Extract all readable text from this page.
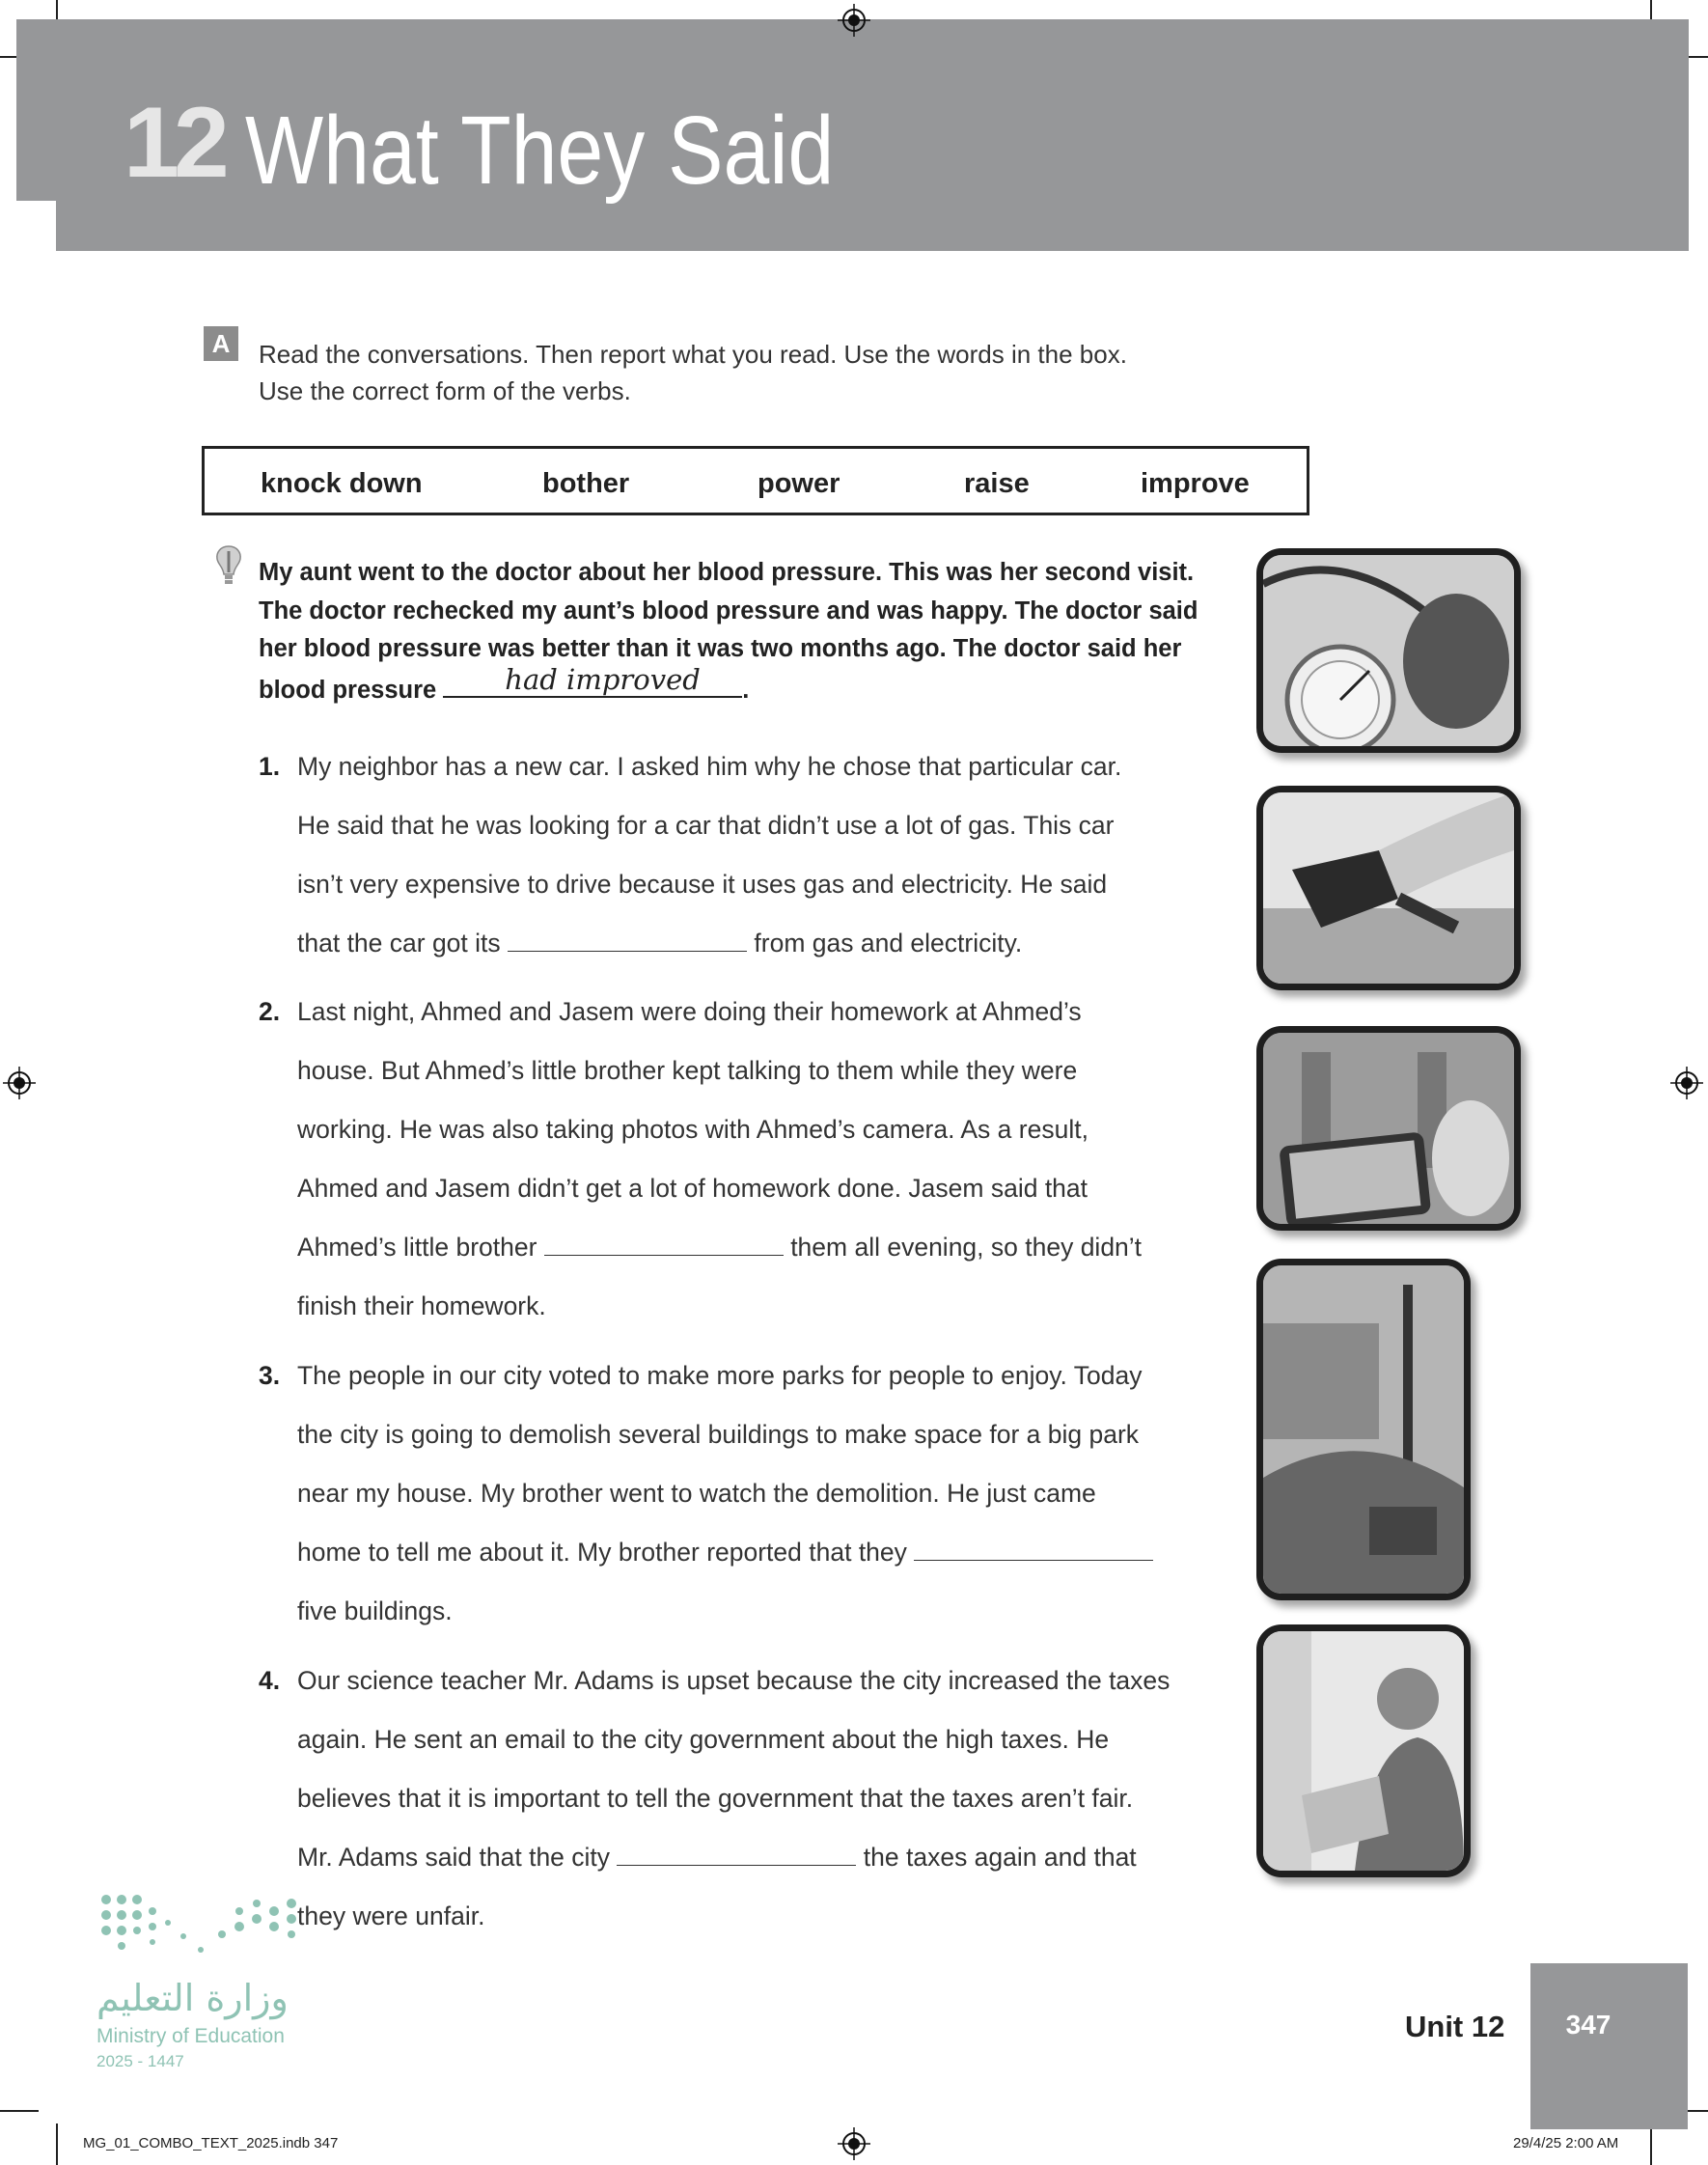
12 What They Said
A	Read the conversations. Then report what you read. Use the words in the box.
Use the correct form of the verbs.
knock down	bother	power	raise	improve
My aunt went to the doctor about her blood pressure. This was her second visit.
The doctor rechecked my aunt’s blood pressure and was happy. The doctor said
her blood pressure was better than it was two months ago. The doctor said her
blood pressure had improved .
1. My neighbor has a new car. I asked him why he chose that particular car.
He said that he was looking for a car that didn’t use a lot of gas. This car
isn’t very expensive to drive because it uses gas and electricity. He said
that the car got its	from gas and electricity.
2. Last night, Ahmed and Jasem were doing their homework at Ahmed’s
house. But Ahmed’s little brother kept talking to them while they were
working. He was also taking photos with Ahmed’s camera. As a result,
Ahmed and Jasem didn’t get a lot of homework done. Jasem said that
Ahmed’s little brother	them all evening, so they didn’t
finish their homework.
3. The people in our city voted to make more parks for people to enjoy. Today
the city is going to demolish several buildings to make space for a big park
near my house. My brother went to watch the demolition. He just came
home to tell me about it. My brother reported that they
five buildings.
4. Our science teacher Mr. Adams is upset because the city increased the taxes
again. He sent an email to the city government about the high taxes. He
believes that it is important to tell the government that the taxes aren’t fair.
Mr. Adams said that the city	the taxes again and that
they were unfair.
وزارة التعليم
Ministry of Education
2025 - 1447
Unit 12	347
MG_01_COMBO_TEXT_2025.indb 347	29/4/25 2:00 AM
